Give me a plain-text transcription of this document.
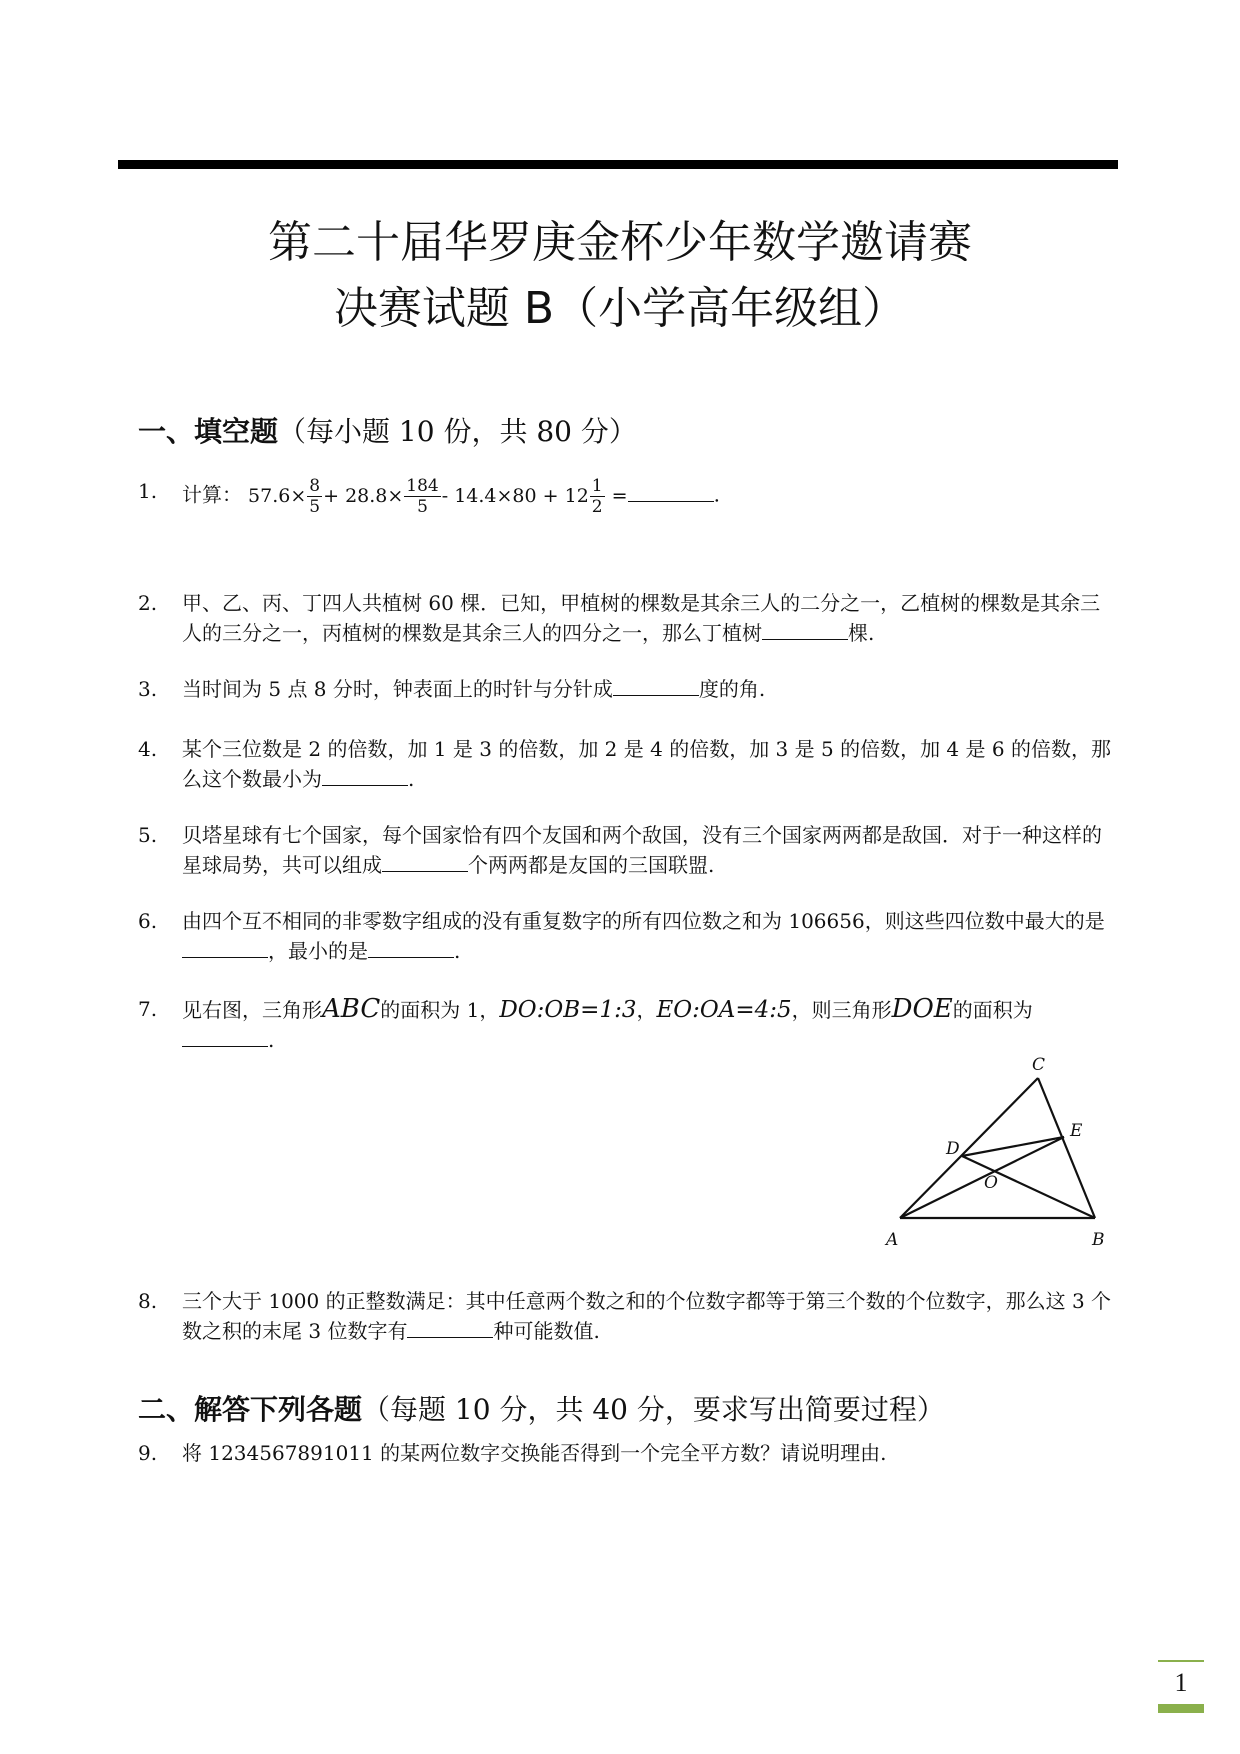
第二十届华罗庚金杯少年数学邀请赛
决赛试题 B（小学高年级组）
一、填空题（每小题 10 份，共 80 分）
1.	计算： $57.6\times \frac{8}{5} + 28.8\times \frac{184}{5} - 14.4\times 80 + 12 \frac{1}{2}$ =	.
2.	甲、乙、丙、丁四人共植树 60 棵．已知，甲植树的棵数是其余三人的二分之一，乙植树的棵数是其余三人的三分之一，丙植树的棵数是其余三人的四分之一，那么丁植树	棵.
3.	当时间为 5 点 8 分时，钟表面上的时针与分针成	度的角.
4.	某个三位数是 2 的倍数，加 1 是 3 的倍数，加 2 是 4 的倍数，加 3 是 5 的倍数，加 4 是 6 的倍数，那么这个数最小为	.
5.	贝塔星球有七个国家，每个国家恰有四个友国和两个敌国，没有三个国家两两都是敌国．对于一种这样的星球局势，共可以组成	个两两都是友国的三国联盟.
6.	由四个互不相同的非零数字组成的没有重复数字的所有四位数之和为 106656，则这些四位数中最大的是，最小的是	.
7.	见右图，三角形ABC的面积为 1，DO:OB=1:3，EO:OA=4:5，则三角形DOE的面积为.
A	B
C
D
E
O
8.	三个大于 1000 的正整数满足：其中任意两个数之和的个位数字都等于第三个数的个位数字，那么这 3 个数之积的末尾 3 位数字有	种可能数值.
二、解答下列各题（每题 10 分，共 40 分，要求写出简要过程）
9.	将 1234567891011 的某两位数字交换能否得到一个完全平方数？请说明理由.
1
